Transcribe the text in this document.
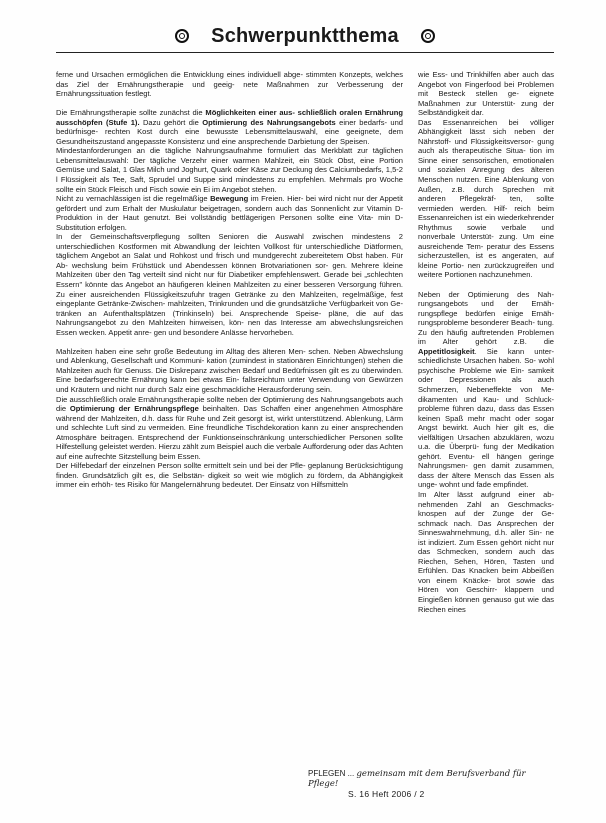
Schwerpunktthema

ferne und Ursachen ermöglichen die Entwicklung eines individuell abge- stimmten Konzepts, welches das Ziel der Ernährungstherapie und geeig- nete Maßnahmen zur Verbesserung der Ernährungssituation festlegt.

Die Ernährungstherapie sollte zunächst die Möglichkeiten einer aus- schließlich oralen Ernährung ausschöpfen (Stufe 1). Dazu gehört die Optimierung des Nahrungsangebots einer bedarfs- und bedürfnisge- rechten Kost durch eine bewusste Lebensmittelauswahl, eine geeignete, dem Gesundheitszustand angepasste Konsistenz und eine ansprechende Darbietung der Speisen.

Mindestanforderungen an die tägliche Nahrungsaufnahme formuliert das Merkblatt zur täglichen Lebensmittelauswahl: Der tägliche Verzehr einer warmen Mahlzeit, ein Stück Obst, eine Portion Gemüse und Salat, 1 Glas Milch und Joghurt, Quark oder Käse zur Deckung des Calciumbedarfs, 1,5-2 l Flüssigkeit als Tee, Saft, Sprudel und Suppe sind mindestens zu empfehlen. Mehrmals pro Woche sollte ein Stück Fleisch und Fisch sowie ein Ei im Angebot stehen.

Nicht zu vernachlässigen ist die regelmäßige Bewegung im Freien. Hier- bei wird nicht nur der Appetit gefördert und zum Erhalt der Muskulatur beigetragen, sondern auch das Sonnenlicht zur Vitamin D-Produktion in der Haut genutzt. Bei vollständig bettlägerigen Personen sollte eine Vita- min D-Substitution erfolgen.

In der Gemeinschaftsverpflegung sollten Senioren die Auswahl zwischen mindestens 2 unterschiedlichen Kostformen mit Abwandlung der leichten Vollkost für unterschiedliche Diätformen, täglichem Angebot an Salat und Rohkost und frisch und mundgerecht zubereitetem Obst haben. Für Ab- wechslung beim Frühstück und Abendessen können Brotvariationen sor- gen. Mehrere kleine Mahlzeiten über den Tag verteilt sind nicht nur für Diabetiker empfehlenswert. Gerade bei „schlechten Essern" könnte das Angebot an häufigeren kleinen Mahlzeiten zu einer besseren Versorgung führen. Zu einer ausreichenden Flüssigkeitszufuhr tragen Getränke zu den Mahlzeiten, regelmäßige, fest eingeplante Getränke-Zwischen- mahlzeiten, Trinkrunden und die grundsätzliche Verfügbarkeit von Ge- tränken an Aufenthaltsplätzen (Trinkinseln) bei. Ansprechende Speise- pläne, die auf das Nahrungsangebot zu den Mahlzeiten hinweisen, kön- nen das Interesse am abwechslungsreichen Essen wecken. Appetit anre- gen und besondere Anlässe hervorheben.

Mahlzeiten haben eine sehr große Bedeutung im Alltag des älteren Men- schen. Neben Abwechslung und Ablenkung, Gesellschaft und Kommuni- kation (zumindest in stationären Einrichtungen) stehen die Mahlzeiten auch für Genuss. Die Diskrepanz zwischen Bedarf und Bedürfnissen gilt es zu überwinden. Eine bedarfsgerechte Ernährung kann bei etwas Ein- fallsreichtum unter Verwendung von Gewürzen und Kräutern und nicht nur durch Salz eine geschmackliche Herausforderung sein.

Die ausschließlich orale Ernährungstherapie sollte neben der Optimierung des Nahrungsangebots auch die Optimierung der Ernährungspflege beinhalten. Das Schaffen einer angenehmen Atmosphäre während der Mahlzeiten, d.h. dass für Ruhe und Zeit gesorgt ist, wirkt unterstützend. Ablenkung, Lärm und schlechte Luft sind zu vermeiden. Eine freundliche Tischdekoration kann zu einer ansprechenden Atmosphäre beitragen. Entsprechend der Funktionseinschränkung unterschiedlicher Personen sollte Hilfestellung geleistet werden. Hierzu zählt zum Beispiel auch die verbale Aufforderung oder das Achten auf eine aufrechte Sitzstellung beim Essen.

Der Hilfebedarf der einzelnen Person sollte ermittelt sein und bei der Pfle- geplanung Berücksichtigung finden. Grundsätzlich gilt es, die Selbstän- digkeit so weit wie möglich zu fördern, da Abhängigkeit immer ein erhöh- tes Risiko für Mangelernährung bedeutet. Der Einsatz von Hilfsmitteln

wie Ess- und Trinkhilfen aber auch das Angebot von Fingerfood bei Problemen mit Besteck stellen ge- eignete Maßnahmen zur Unterstüt- zung der Selbständigkeit dar.

Das Essenanreichen bei völliger Abhängigkeit lässt sich neben der Nährstoff- und Flüssigkeitsversor- gung auch als therapeutische Situa- tion im Sinne einer sensorischen, emotionalen und sozialen Anregung des älteren Menschen nutzen. Eine Ablenkung von Außen, z.B. durch Sprechen mit anderen Pflegekräf- ten, sollte vermieden werden. Hilf- reich beim Essenanreichen ist ein wiederkehrender Rhythmus sowie verbale und nonverbale Unterstüt- zung. Um eine ausreichende Tem- peratur des Essens sicherzustellen, ist es angeraten, auf kleine Portio- nen zurückzugreifen und weitere Portionen nachzunehmen.

Neben der Optimierung des Nah- rungsangebots und der Ernäh- rungspflege bedürfen einige Ernäh- rungsprobleme besonderer Beach- tung. Zu den häufig auftretenden Problemen im Alter gehört z.B. die Appetitlosigkeit. Sie kann unter- schiedlichste Ursachen haben. So- wohl psychische Probleme wie Ein- samkeit oder Depressionen als auch Schmerzen, Nebeneffekte von Me- dikamenten und Kau- und Schluck- probleme führen dazu, dass das Essen keinen Spaß mehr macht oder sogar Angst bewirkt. Auch hier gilt es, die vielfältigen Ursachen abzuklären, wozu u.a. die Überprü- fung der Medikation gehört. Eventu- ell hängen geringe Nahrungsmen- gen damit zusammen, dass der ältere Mensch das Essen als unge- wohnt und fade empfindet.

Im Alter lässt aufgrund einer ab- nehmenden Zahl an Geschmacks- knospen auf der Zunge der Ge- schmack nach. Das Ansprechen der Sinneswahrnehmung, d.h. aller Sin- ne ist indiziert. Zum Essen gehört nicht nur das Schmecken, sondern auch das Riechen, Sehen, Hören, Tasten und Erfühlen. Das Knacken beim Abbeißen von einem Knäcke- brot sowie das Hören von Geschirr- klappern und Eingießen können genauso gut wie das Riechen eines

PFLEGEN ... gemeinsam mit dem Berufsverband für Pflege!
S. 16 Heft 2006 / 2
